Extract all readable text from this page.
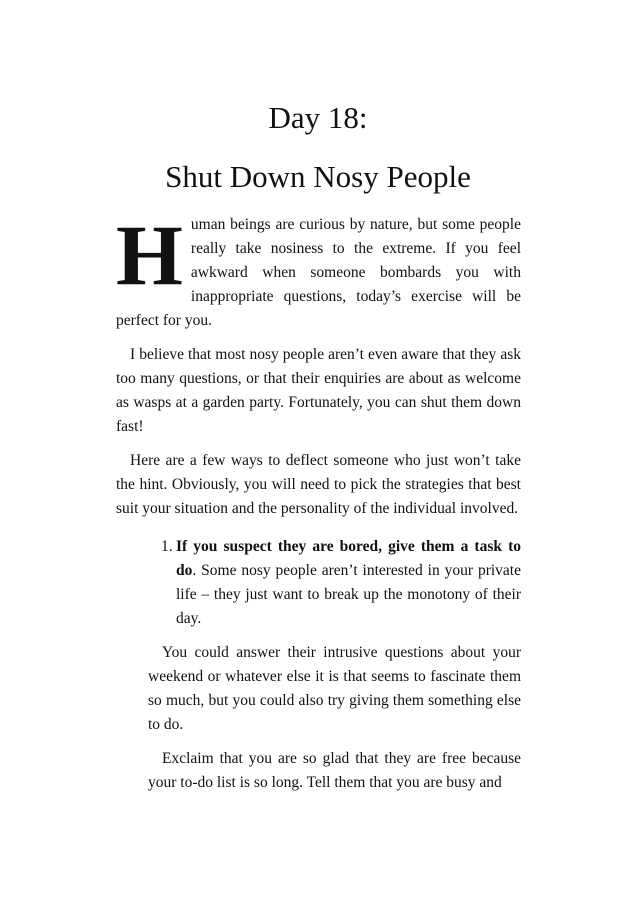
Day 18:
Shut Down Nosy People

Human beings are curious by nature, but some people really take nosiness to the extreme. If you feel awkward when someone bombards you with inappropriate questions, today’s exercise will be perfect for you.

I believe that most nosy people aren’t even aware that they ask too many questions, or that their enquiries are about as welcome as wasps at a garden party. Fortunately, you can shut them down fast!

Here are a few ways to deflect someone who just won’t take the hint. Obviously, you will need to pick the strategies that best suit your situation and the personality of the individual involved.

1. If you suspect they are bored, give them a task to do. Some nosy people aren’t interested in your private life – they just want to break up the monotony of their day.

You could answer their intrusive questions about your weekend or whatever else it is that seems to fascinate them so much, but you could also try giving them something else to do.

Exclaim that you are so glad that they are free because your to-do list is so long. Tell them that you are busy and
